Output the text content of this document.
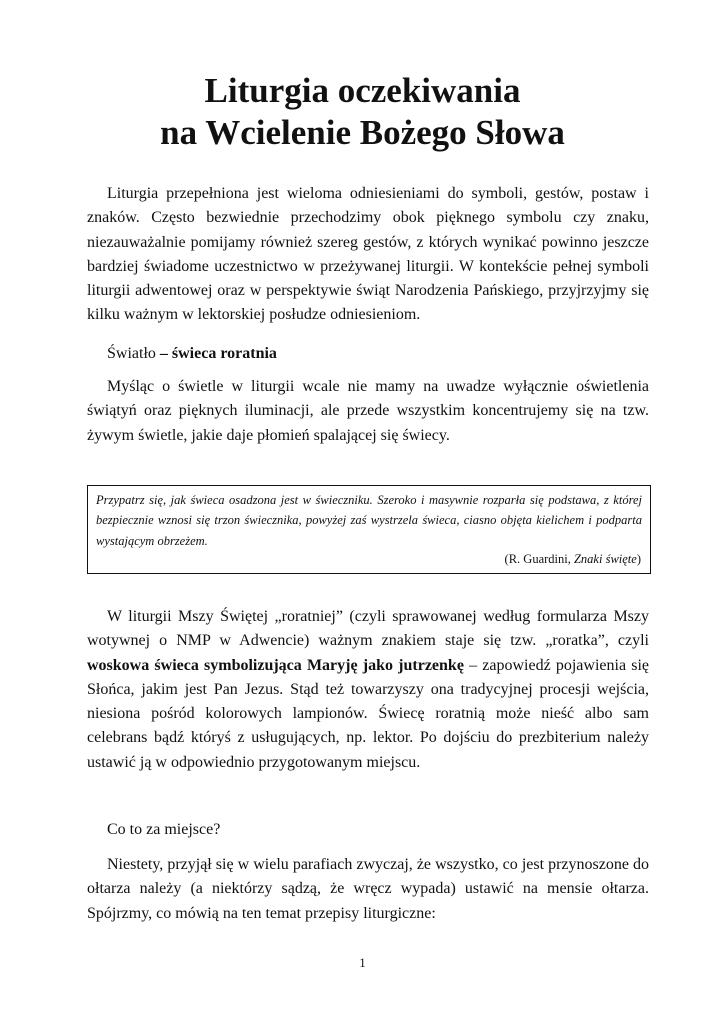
Liturgia oczekiwania
na Wcielenie Bożego Słowa

Liturgia przepełniona jest wieloma odniesieniami do symboli, gestów, postaw i znaków. Często bezwiednie przechodzimy obok pięknego symbolu czy znaku, niezauważalnie pomijamy również szereg gestów, z których wynikać powinno jeszcze bardziej świadome uczestnictwo w przeżywanej liturgii. W kontekście pełnej symboli liturgii adwentowej oraz w perspektywie świąt Narodzenia Pańskiego, przyjrzyjmy się kilku ważnym w lektorskiej posłudze odniesieniom.

Światło – świeca roratnia

Myśląc o świetle w liturgii wcale nie mamy na uwadze wyłącznie oświetlenia świątyń oraz pięknych iluminacji, ale przede wszystkim koncentrujemy się na tzw. żywym świetle, jakie daje płomień spalającej się świecy.

Przypatrz się, jak świeca osadzona jest w świeczniku. Szeroko i masywnie rozparła się podstawa, z której bezpiecznie wznosi się trzon świecznika, powyżej zaś wystrzela świeca, ciasno objęta kielichem i podparta wystającym obrzeżem.

(R. Guardini, Znaki święte)

W liturgii Mszy Świętej „roratniej” (czyli sprawowanej według formularza Mszy wotywnej o NMP w Adwencie) ważnym znakiem staje się tzw. „roratka”, czyli woskowa świeca symbolizująca Maryję jako jutrzenkę – zapowiedź pojawienia się Słońca, jakim jest Pan Jezus. Stąd też towarzyszy ona tradycyjnej procesji wejścia, niesiona pośród kolorowych lampionów. Świecę roratnią może nieść albo sam celebrans bądź któryś z usługujących, np. lektor. Po dojściu do prezbiterium należy ustawić ją w odpowiednio przygotowanym miejscu.

Co to za miejsce?

Niestety, przyjął się w wielu parafiach zwyczaj, że wszystko, co jest przynoszone do ołtarza należy (a niektórzy sądzą, że wręcz wypada) ustawić na mensie ołtarza. Spójrzmy, co mówią na ten temat przepisy liturgiczne:

1
